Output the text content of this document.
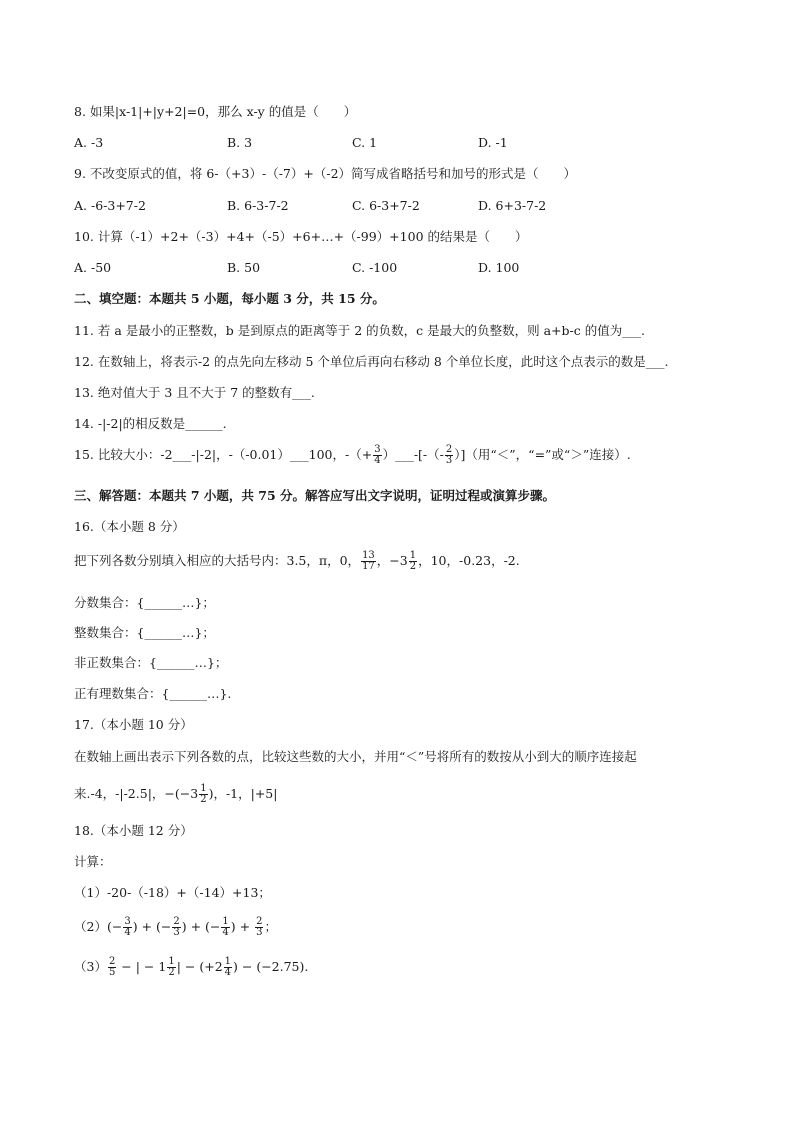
8. 如果|x-1|+|y+2|=0，那么 x-y 的值是（　　）
A. -3	B. 3	C. 1	D. -1
9. 不改变原式的值，将 6-（+3）-（-7）+（-2）简写成省略括号和加号的形式是（　　）
A. -6-3+7-2	B. 6-3-7-2	C. 6-3+7-2	D. 6+3-7-2
10. 计算（-1）+2+（-3）+4+（-5）+6+…+（-99）+100 的结果是（　　）
A. -50	B. 50	C. -100	D. 100
二、填空题：本题共 5 小题，每小题 3 分，共 15 分。
11. 若 a 是最小的正整数，b 是到原点的距离等于 2 的负数，c 是最大的负整数，则 a+b-c 的值为___.
12. 在数轴上，将表示-2 的点先向左移动 5 个单位后再向右移动 8 个单位长度，此时这个点表示的数是___.
13. 绝对值大于 3 且不大于 7 的整数有___.
14. -|-2|的相反数是______.
15. 比较大小：-2___-|-2|，-（-0.01）___100，-（+ $\frac{3}{4}$ ）___-[-（- $\frac{2}{3}$ ）]（用“＜”，“=”或“＞”连接）.
三、解答题：本题共 7 小题，共 75 分。解答应写出文字说明，证明过程或演算步骤。
16.（本小题 8 分）
把下列各数分别填入相应的大括号内：3.5，π，0， $\frac{13}{17}$ ，$-3 \frac{1}{2}$ ，10，-0.23，-2.
分数集合：{______…}；
整数集合：{______…}；
非正数集合：{______…}；
正有理数集合：{______…}.
17.（本小题 10 分）
在数轴上画出表示下列各数的点，比较这些数的大小，并用“＜”号将所有的数按从小到大的顺序连接起
来.-4，-|-2.5|，$-(-3 \frac{1}{2}$ )，-1，|+5|
18.（本小题 12 分）
计算：
（1）-20-（-18）+（-14）+13；
$(2)(- \frac{3}{4}$ ) + (− $\frac{2}{3}$ ) + (− $\frac{1}{4}$ ) + $\frac{2}{3}$ ；
$(3) \frac{2}{5}$ − | − $1 \frac{1}{2}$ | − ($+2 \frac{1}{4}$ ) − (−2.75).
